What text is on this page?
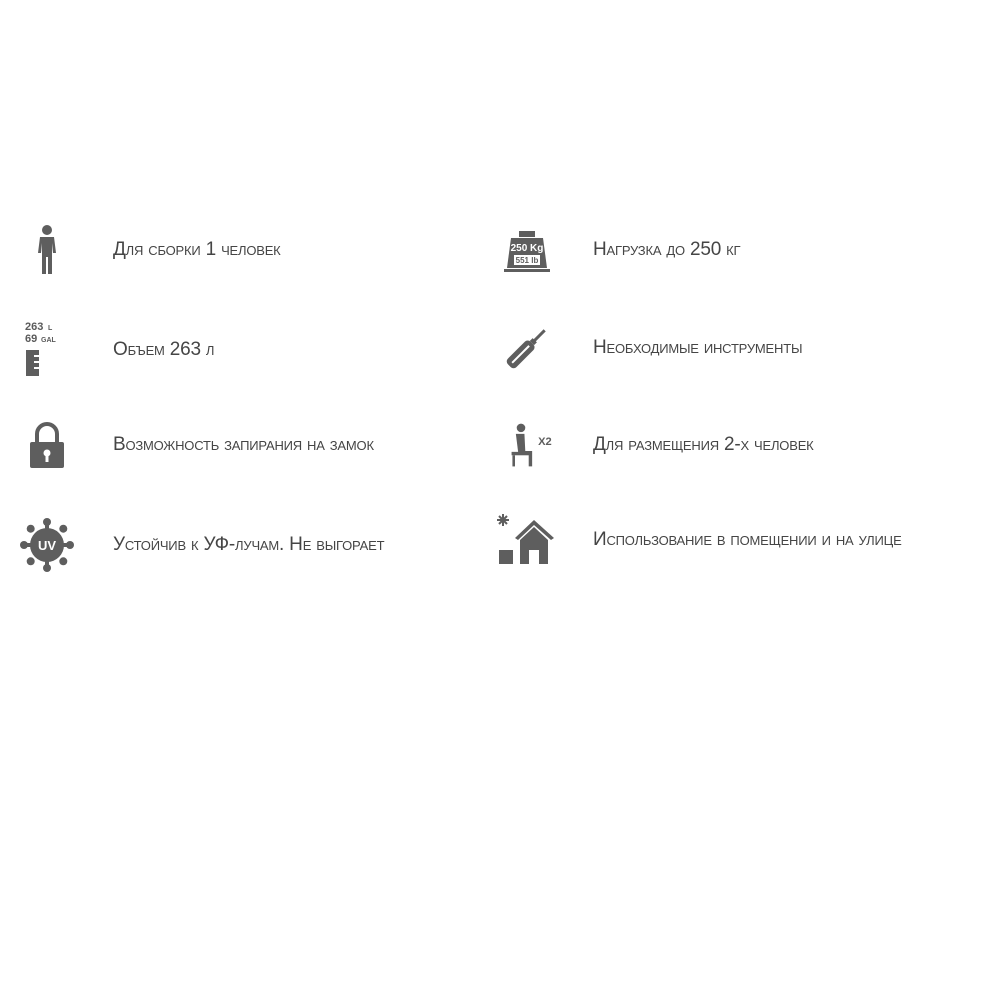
Для сборки 1 человек
263 L
69 GAL	Объем 263 л
Возможность запирания на замок
UV	Устойчив к УФ-лучам. Не выгорает
250 Kg
551 lb
Нагрузка до 250 кг
Необходимые инструменты
X2 Для размещения 2-х человек
Использование в помещении и на улице
